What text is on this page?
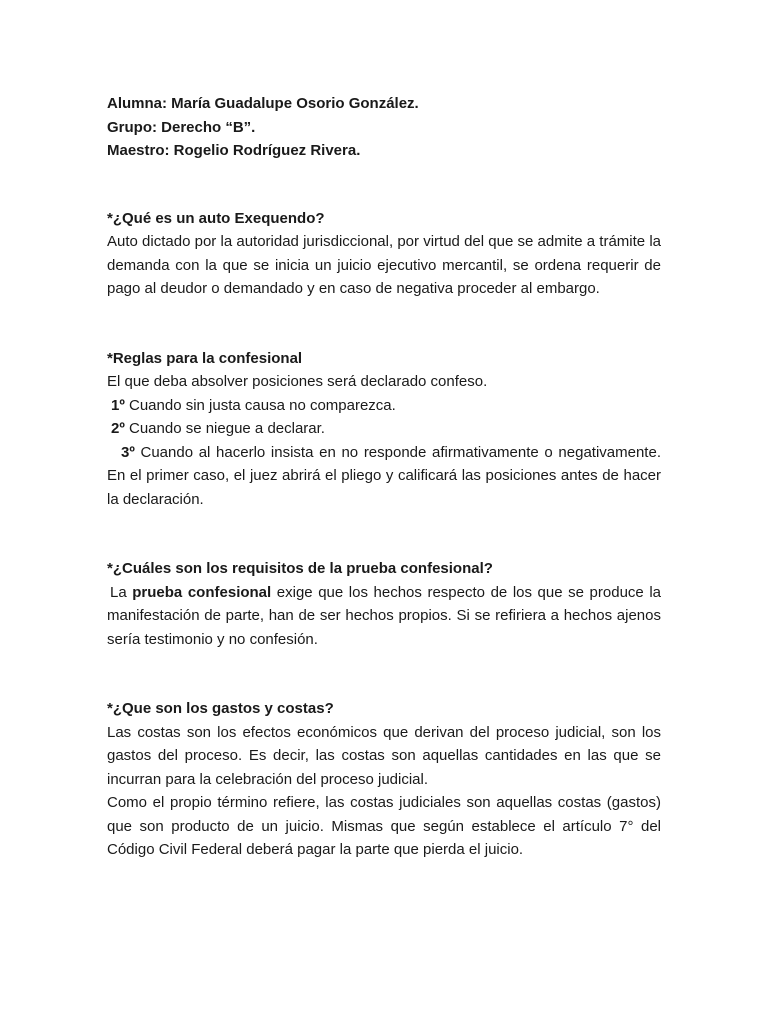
Alumna: María Guadalupe Osorio González.

Grupo: Derecho “B”.

Maestro: Rogelio Rodríguez Rivera.

*¿Qué es un auto Exequendo?

Auto dictado por la autoridad jurisdiccional, por virtud del que se admite a trámite la demanda con la que se inicia un juicio ejecutivo mercantil, se ordena requerir de pago al deudor o demandado y en caso de negativa proceder al embargo.

*Reglas para la confesional

El que deba absolver posiciones será declarado confeso.

1º Cuando sin justa causa no comparezca.

2º Cuando se niegue a declarar.

3º Cuando al hacerlo insista en no responde afirmativamente o negativamente. En el primer caso, el juez abrirá el pliego y calificará las posiciones antes de hacer la declaración.

*¿Cuáles son los requisitos de la prueba confesional?

La prueba confesional exige que los hechos respecto de los que se produce la manifestación de parte, han de ser hechos propios. Si se refiriera a hechos ajenos sería testimonio y no confesión.

*¿Que son los gastos y costas?

Las costas son los efectos económicos que derivan del proceso judicial, son los gastos del proceso. Es decir, las costas son aquellas cantidades en las que se incurran para la celebración del proceso judicial.

Como el propio término refiere, las costas judiciales son aquellas costas (gastos) que son producto de un juicio. Mismas que según establece el artículo 7° del Código Civil Federal deberá pagar la parte que pierda el juicio.
